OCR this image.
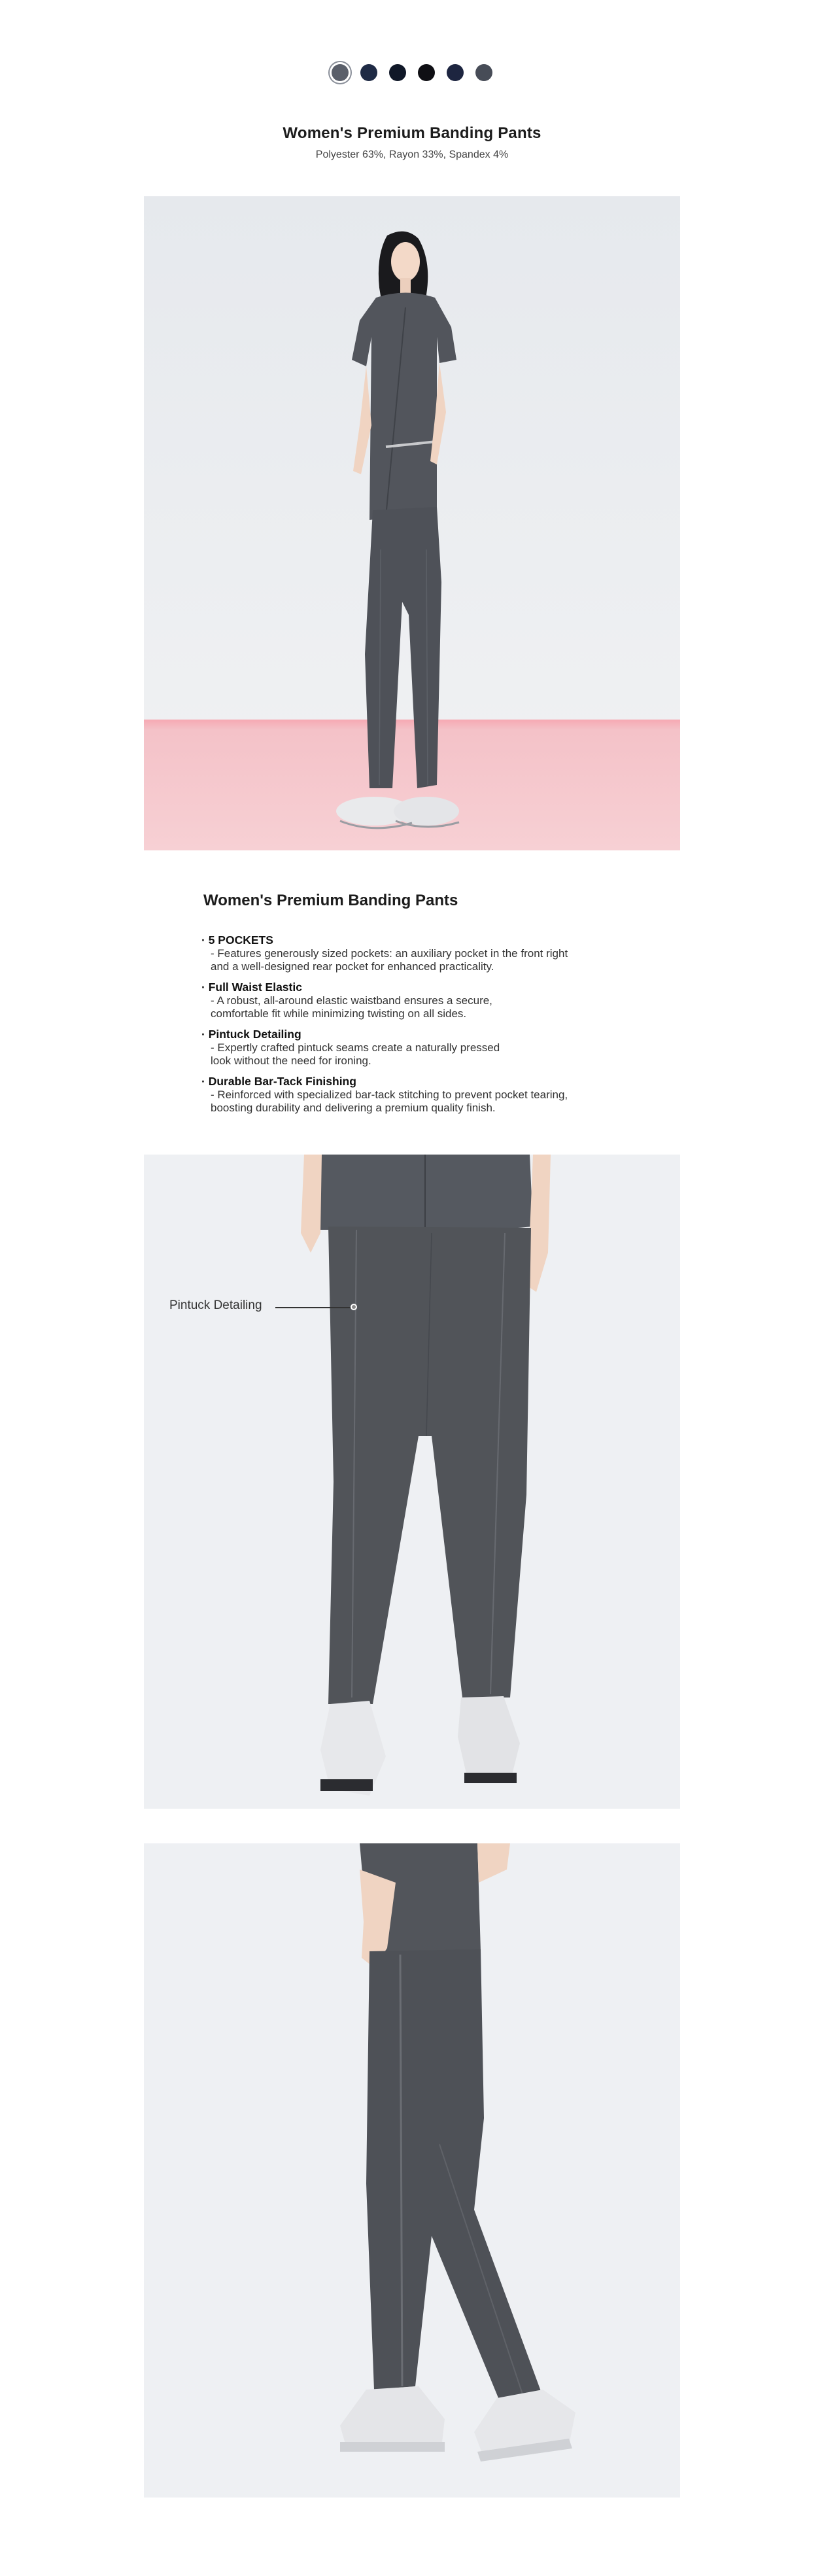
Women's Premium Banding Pants
Polyester 63%, Rayon 33%, Spandex 4%
Women's Premium Banding Pants
· 5 POCKETS
- Features generously sized pockets: an auxiliary pocket in the front right
and a well-designed rear pocket for enhanced practicality.
· Full Waist Elastic
- A robust, all-around elastic waistband ensures a secure,
comfortable fit while minimizing twisting on all sides.
· Pintuck Detailing
- Expertly crafted pintuck seams create a naturally pressed
look without the need for ironing.
· Durable Bar-Tack Finishing
- Reinforced with specialized bar-tack stitching to prevent pocket tearing,
boosting durability and delivering a premium quality finish.
Pintuck Detailing
